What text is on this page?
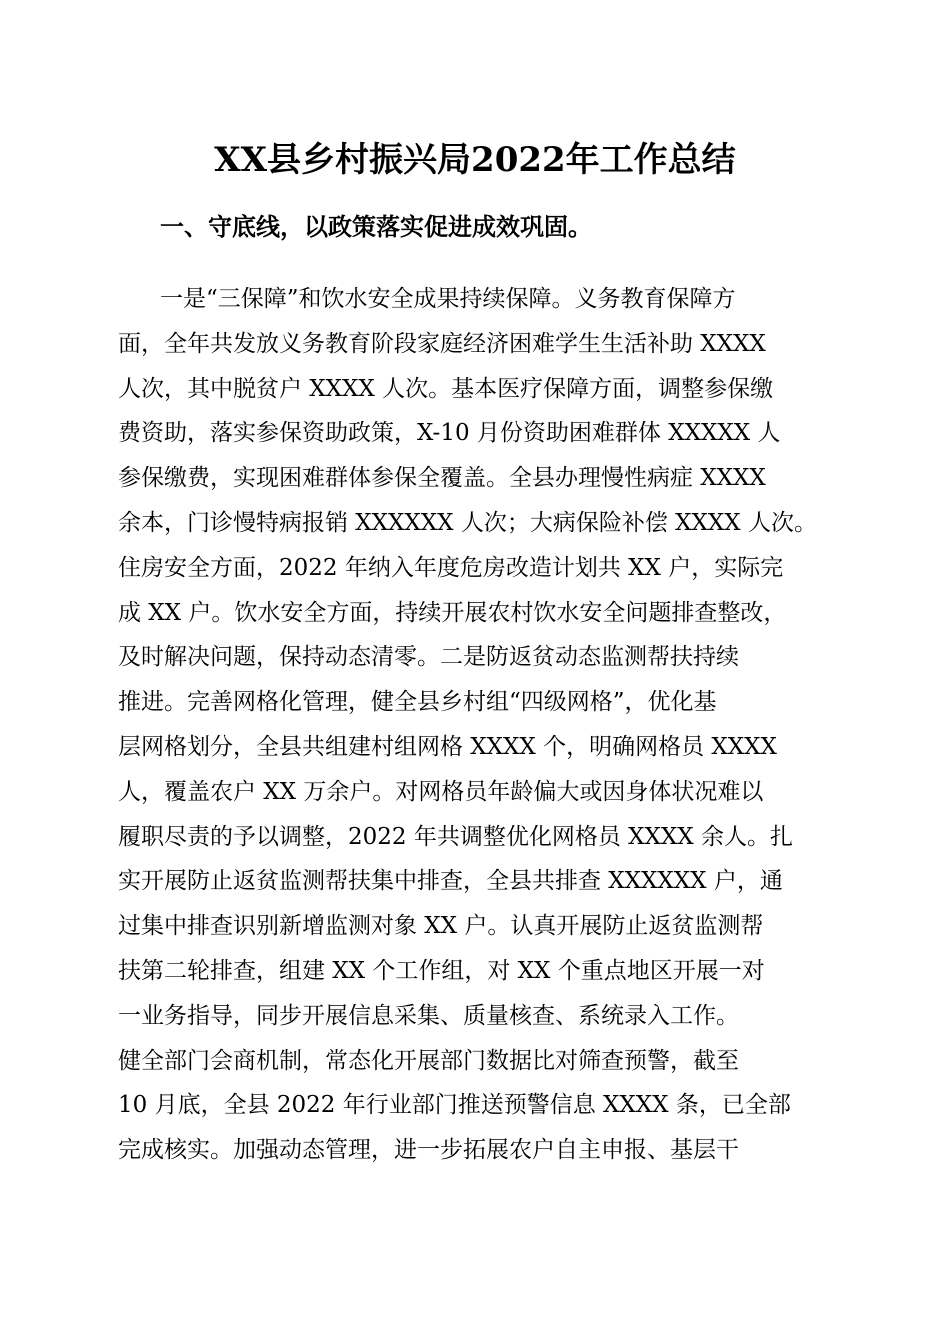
XX县乡村振兴局2022年工作总结
一、守底线，以政策落实促进成效巩固。
一是“三保障”和饮水安全成果持续保障。义务教育保障方
面，全年共发放义务教育阶段家庭经济困难学生生活补助 XXXX
人次，其中脱贫户 XXXX 人次。基本医疗保障方面，调整参保缴
费资助，落实参保资助政策，X-10 月份资助困难群体 XXXXX 人
参保缴费，实现困难群体参保全覆盖。全县办理慢性病症 XXXX
余本，门诊慢特病报销 XXXXXX 人次；大病保险补偿 XXXX 人次。
住房安全方面，2022 年纳入年度危房改造计划共 XX 户，实际完
成 XX 户。饮水安全方面，持续开展农村饮水安全问题排查整改，
及时解决问题，保持动态清零。二是防返贫动态监测帮扶持续
推进。完善网格化管理，健全县乡村组“四级网格”，优化基
层网格划分，全县共组建村组网格 XXXX 个，明确网格员 XXXX
人，覆盖农户 XX 万余户。对网格员年龄偏大或因身体状况难以
履职尽责的予以调整，2022 年共调整优化网格员 XXXX 余人。扎
实开展防止返贫监测帮扶集中排查，全县共排查 XXXXXX 户，通
过集中排查识别新增监测对象 XX 户。认真开展防止返贫监测帮
扶第二轮排查，组建 XX 个工作组，对 XX 个重点地区开展一对
一业务指导，同步开展信息采集、质量核查、系统录入工作。
健全部门会商机制，常态化开展部门数据比对筛查预警，截至
10 月底，全县 2022 年行业部门推送预警信息 XXXX 条，已全部
完成核实。加强动态管理，进一步拓展农户自主申报、基层干
